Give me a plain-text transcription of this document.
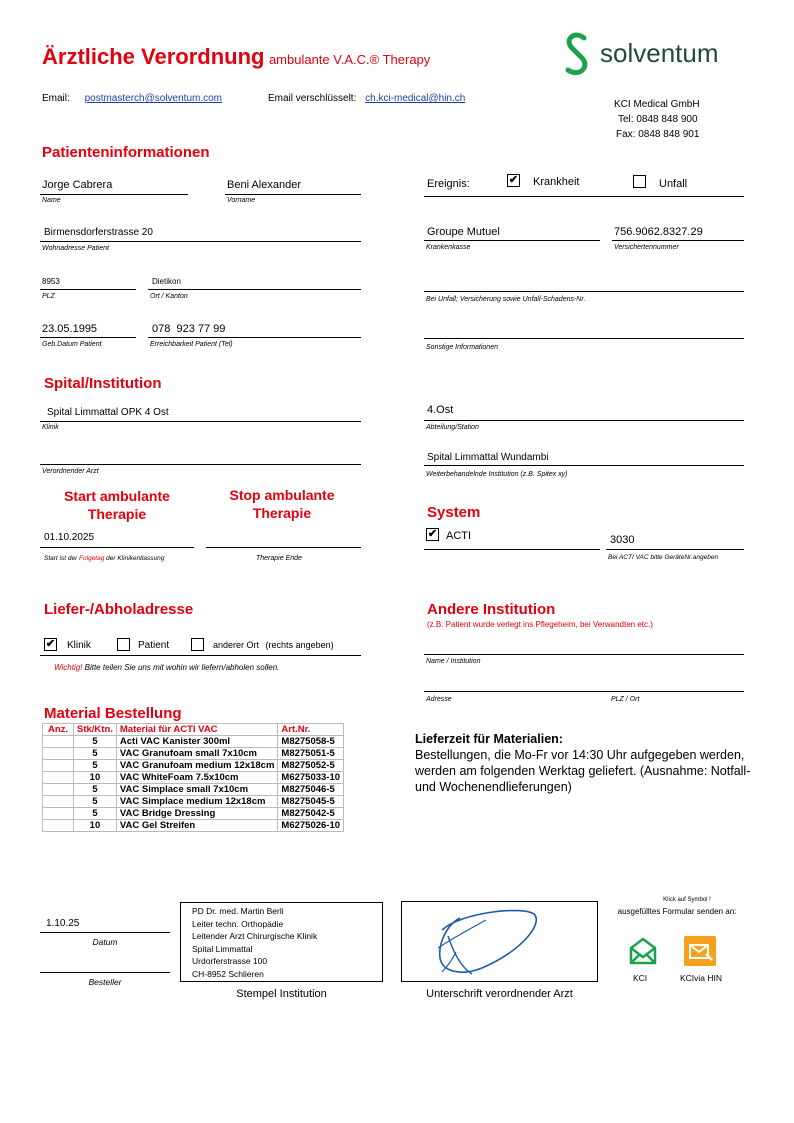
Ärztliche Verordnung ambulante V.A.C.® Therapy	solventum
Email: postmasterch@solventum.com	Email verschlüsselt: ch.kci-medical@hin.ch
KCI Medical GmbH
Tel: 0848 848 900
Fax: 0848 848 901
Patienteninformationen
Jorge Cabrera
Name
Beni Alexander
Vorname
Birmensdorferstrasse 20
Wohnadresse Patient
8953
PLZ
Dietikon
Ort / Kanton
23.05.1995
Geb.Datum Patient
078  923 77 99
Erreichbarkeit Patient (Tel)
Ereignis:	✔ Krankheit	Unfall
Groupe Mutuel
Krankenkasse
756.9062.8327.29
Versichertennummer
Bei Unfall; Versicherung sowie Unfall-Schadens-Nr.
Sonstige Informationen
Spital/Institution
Spital Limmattal OPK 4 Ost
Klinik
Verordnender Arzt
4.Ost
Abteilung/Station
Spital Limmattal Wundambi
Weiterbehandelnde Institution (z.B. Spitex xy)
Start ambulante Therapie
Stop ambulante Therapie
01.10.2025
Start ist der Folgetag der Klinikentlassung	Therapie Ende
System
✔ ACTI	3030
Bei ACTI VAC bitte GeräteNr.angeben
Liefer-/Abholadresse
✔ Klinik	Patient	anderer Ort (rechts angeben)
Wichtig! Bitte teilen Sie uns mit wohin wir liefern/abholen sollen.
Andere Institution
(z.B. Patient wurde verlegt ins Pflegeheim, bei Verwandten etc.)
Name / Institution
Adresse	PLZ / Ort
Material Bestellung
Anz.	Stk/Ktn.	Material für ACTI VAC	Art.Nr.
	5	Acti VAC Kanister 300ml	M8275058-5
	5	VAC Granufoam small 7x10cm	M8275051-5
	5	VAC Granufoam medium 12x18cm	M8275052-5
	10	VAC WhiteFoam 7.5x10cm	M6275033-10
	5	VAC Simplace small 7x10cm	M8275046-5
	5	VAC Simplace medium 12x18cm	M8275045-5
	5	VAC Bridge Dressing	M8275042-5
	10	VAC Gel Streifen	M6275026-10
Lieferzeit für Materialien:
Bestellungen, die Mo-Fr vor 14:30 Uhr aufgegeben werden, werden am folgenden Werktag geliefert. (Ausnahme: Notfall- und Wochenendlieferungen)
1.10.25
Datum
Besteller
PD Dr. med. Martin Berli
Leiter techn. Orthopädie
Leitender Arzt Chirurgische Klinik
Spital Limmattal
Urdorferstrasse 100
CH-8952 Schlieren
Stempel Institution	Unterschrift verordnender Arzt
Klick auf Symbol !
ausgefülltes Formular senden an:
KCI	KCIvia HIN
